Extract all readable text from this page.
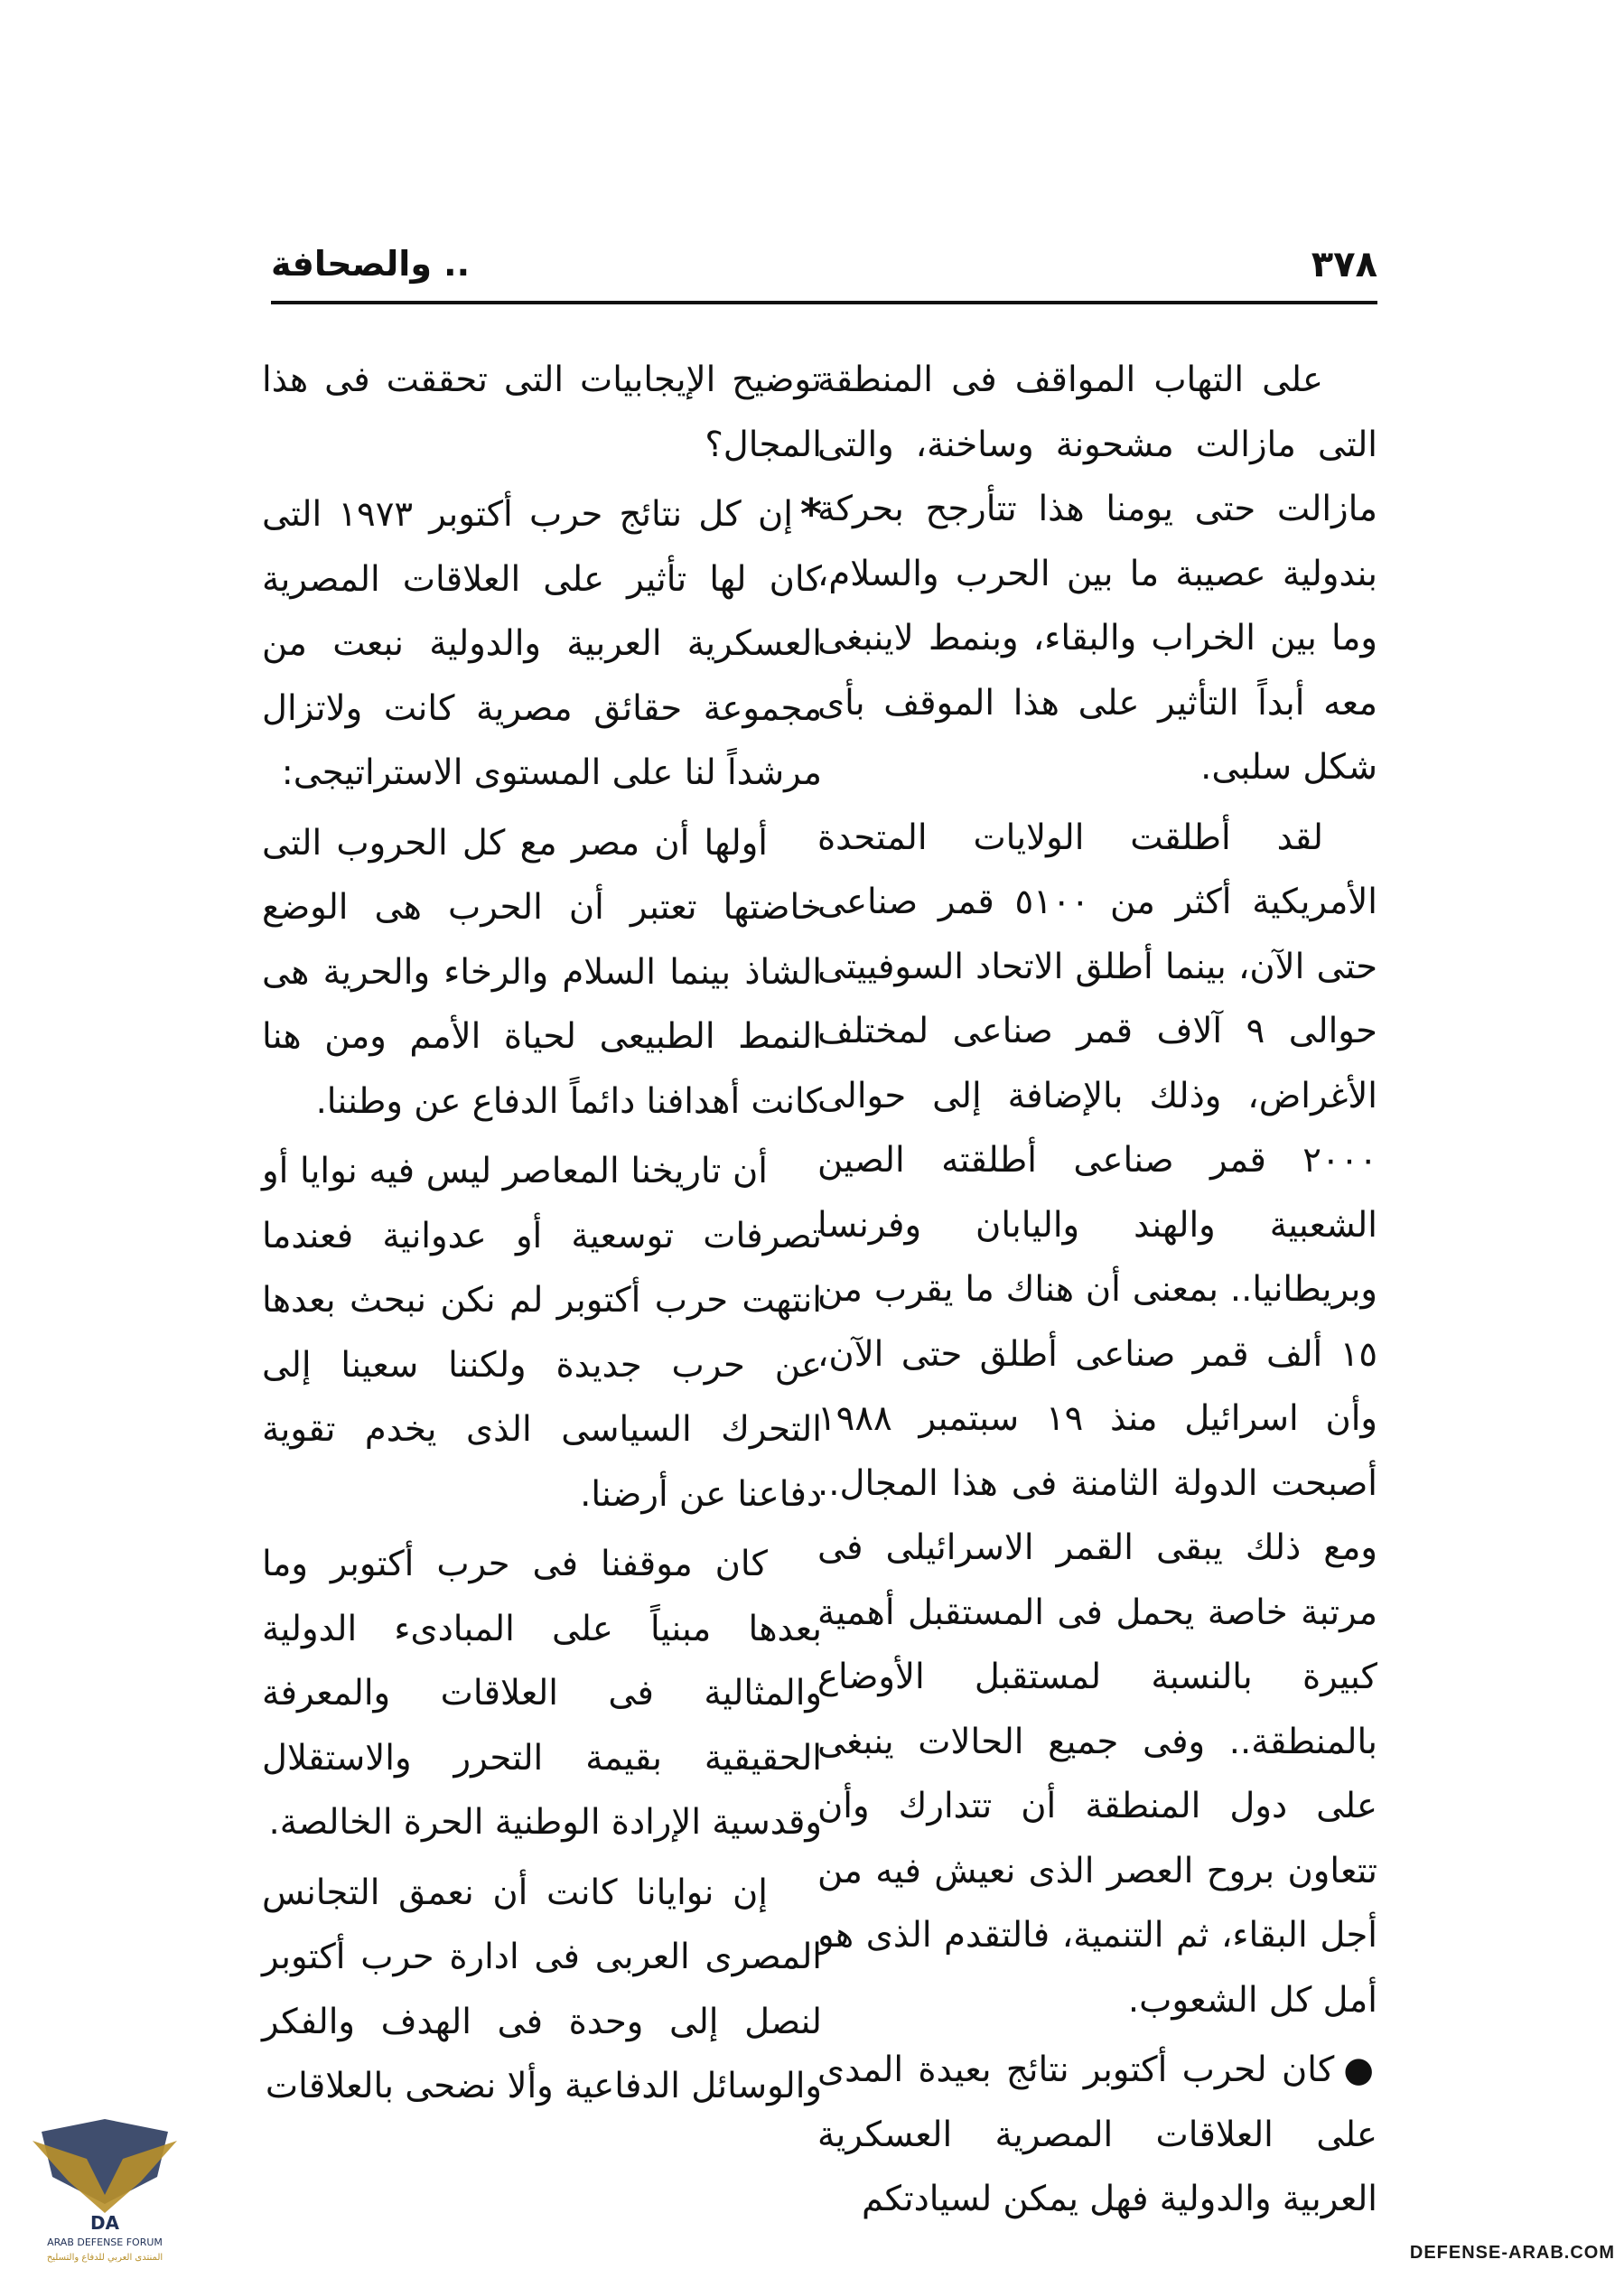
٣٧٨
.. والصحافة

على التهاب المواقف فى المنطقة التى مازالت مشحونة وساخنة، والتى مازالت حتى يومنا هذا تتأرجح بحركة بندولية عصيبة ما بين الحرب والسلام، وما بين الخراب والبقاء، وبنمط لاينبغى معه أبداً التأثير على هذا الموقف بأى شكل سلبى.

لقد أطلقت الولايات المتحدة الأمريكية أكثر من ٥١٠٠ قمر صناعى حتى الآن، بينما أطلق الاتحاد السوفييتى حوالى ٩ آلاف قمر صناعى لمختلف الأغراض، وذلك بالإضافة إلى حوالى ٢٠٠٠ قمر صناعى أطلقته الصين الشعبية والهند واليابان وفرنسا وبريطانيا.. بمعنى أن هناك ما يقرب من ١٥ ألف قمر صناعى أطلق حتى الآن، وأن اسرائيل منذ ١٩ سبتمبر ١٩٨٨ أصبحت الدولة الثامنة فى هذا المجال.. ومع ذلك يبقى القمر الاسرائيلى فى مرتبة خاصة يحمل فى المستقبل أهمية كبيرة بالنسبة لمستقبل الأوضاع بالمنطقة.. وفى جميع الحالات ينبغى على دول المنطقة أن تتدارك وأن تتعاون بروح العصر الذى نعيش فيه من أجل البقاء، ثم التنمية، فالتقدم الذى هو أمل كل الشعوب.

●كان لحرب أكتوبر نتائج بعيدة المدى على العلاقات المصرية العسكرية العربية والدولية فهل يمكن لسيادتكم

توضيح الإيجابيات التى تحققت فى هذا المجال؟

*إن كل نتائج حرب أكتوبر ١٩٧٣ التى كان لها تأثير على العلاقات المصرية العسكرية العربية والدولية نبعت من مجموعة حقائق مصرية كانت ولاتزال مرشداً لنا على المستوى الاستراتيجى:

أولها أن مصر مع كل الحروب التى خاضتها تعتبر أن الحرب هى الوضع الشاذ بينما السلام والرخاء والحرية هى النمط الطبيعى لحياة الأمم ومن هنا كانت أهدافنا دائماً الدفاع عن وطننا.

أن تاريخنا المعاصر ليس فيه نوايا أو تصرفات توسعية أو عدوانية فعندما انتهت حرب أكتوبر لم نكن نبحث بعدها عن حرب جديدة ولكننا سعينا إلى التحرك السياسى الذى يخدم تقوية دفاعنا عن أرضنا.

كان موقفنا فى حرب أكتوبر وما بعدها مبنياً على المبادىء الدولية والمثالية فى العلاقات والمعرفة الحقيقية بقيمة التحرر والاستقلال وقدسية الإرادة الوطنية الحرة الخالصة.

إن نوايانا كانت أن نعمق التجانس المصرى العربى فى ادارة حرب أكتوبر لنصل إلى وحدة فى الهدف والفكر والوسائل الدفاعية وألا نضحى بالعلاقات

DA
ARAB DEFENSE FORUM
المنتدى العربي للدفاع والتسليح	DEFENSE-ARAB.COM
